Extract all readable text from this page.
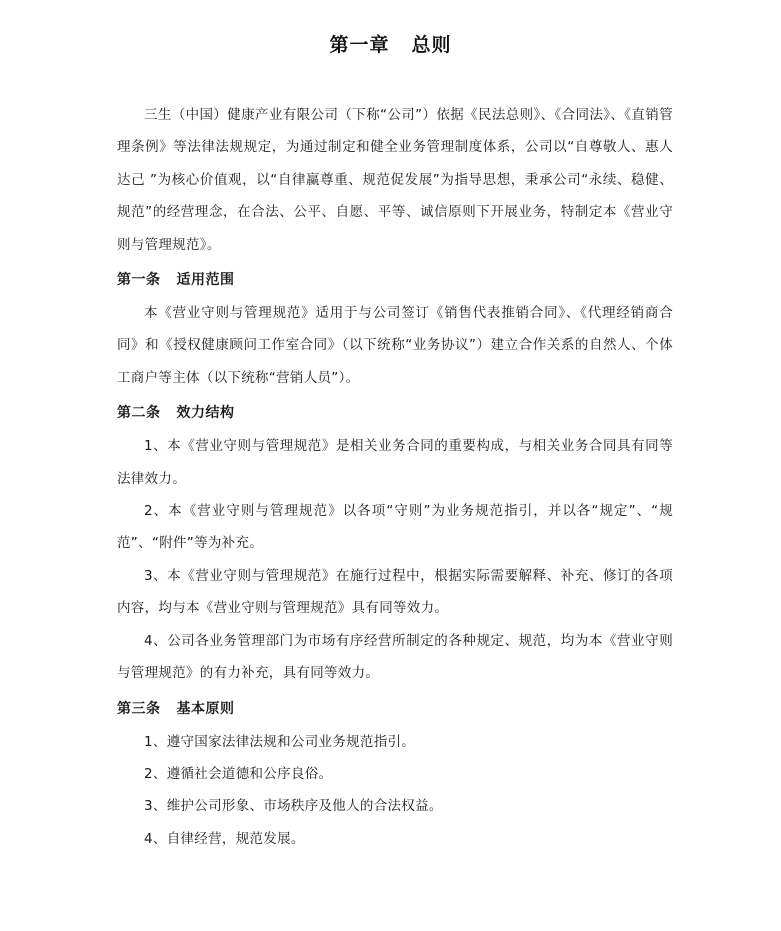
第一章 总则

三生（中国）健康产业有限公司（下称“公司”）依据《民法总则》、《合同法》、《直销管理条例》等法律法规规定，为通过制定和健全业务管理制度体系，公司以“自尊敬人、惠人达己 ”为核心价值观，以“自律赢尊重、规范促发展”为指导思想，秉承公司“永续、稳健、规范”的经营理念，在合法、公平、自愿、平等、诚信原则下开展业务，特制定本《营业守则与管理规范》。

第一条 适用范围

本《营业守则与管理规范》适用于与公司签订《销售代表推销合同》、《代理经销商合同》和《授权健康顾问工作室合同》（以下统称“业务协议”）建立合作关系的自然人、个体工商户等主体（以下统称“营销人员”）。

第二条 效力结构

1、本《营业守则与管理规范》是相关业务合同的重要构成，与相关业务合同具有同等法律效力。

2、本《营业守则与管理规范》以各项“守则”为业务规范指引，并以各“规定”、“规范”、“附件”等为补充。

3、本《营业守则与管理规范》在施行过程中，根据实际需要解释、补充、修订的各项内容，均与本《营业守则与管理规范》具有同等效力。

4、公司各业务管理部门为市场有序经营所制定的各种规定、规范，均为本《营业守则与管理规范》的有力补充，具有同等效力。

第三条 基本原则

1、遵守国家法律法规和公司业务规范指引。

2、遵循社会道德和公序良俗。

3、维护公司形象、市场秩序及他人的合法权益。

4、自律经营，规范发展。
